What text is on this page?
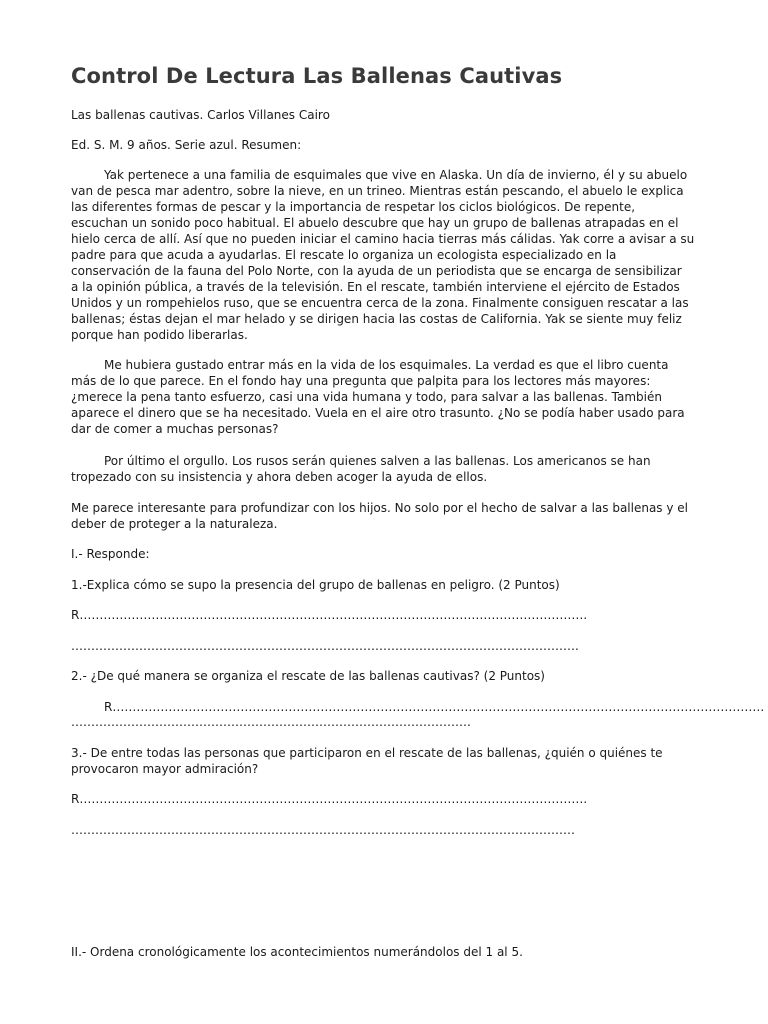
Control De Lectura Las Ballenas Cautivas

Las ballenas cautivas. Carlos Villanes Cairo

Ed. S. M. 9 años. Serie azul. Resumen:

Yak pertenece a una familia de esquimales que vive en Alaska. Un día de invierno, él y su abuelo
van de pesca mar adentro, sobre la nieve, en un trineo. Mientras están pescando, el abuelo le explica
las diferentes formas de pescar y la importancia de respetar los ciclos biológicos. De repente,
escuchan un sonido poco habitual. El abuelo descubre que hay un grupo de ballenas atrapadas en el
hielo cerca de allí. Así que no pueden iniciar el camino hacia tierras más cálidas. Yak corre a avisar a su
padre para que acuda a ayudarlas. El rescate lo organiza un ecologista especializado en la
conservación de la fauna del Polo Norte, con la ayuda de un periodista que se encarga de sensibilizar
a la opinión pública, a través de la televisión. En el rescate, también interviene el ejército de Estados
Unidos y un rompehielos ruso, que se encuentra cerca de la zona. Finalmente consiguen rescatar a las
ballenas; éstas dejan el mar helado y se dirigen hacia las costas de California. Yak se siente muy feliz
porque han podido liberarlas.
Me hubiera gustado entrar más en la vida de los esquimales. La verdad es que el libro cuenta
más de lo que parece. En el fondo hay una pregunta que palpita para los lectores más mayores:
¿merece la pena tanto esfuerzo, casi una vida humana y todo, para salvar a las ballenas. También
aparece el dinero que se ha necesitado. Vuela en el aire otro trasunto. ¿No se podía haber usado para
dar de comer a muchas personas?
Por último el orgullo. Los rusos serán quienes salven a las ballenas. Los americanos se han
tropezado con su insistencia y ahora deben acoger la ayuda de ellos.
Me parece interesante para profundizar con los hijos. No solo por el hecho de salvar a las ballenas y el
deber de proteger a la naturaleza.

I.- Responde:

1.-Explica cómo se supo la presencia del grupo de ballenas en peligro. (2 Puntos)

R……………………………………………………………………………………………………………….

……………………………………………………………………………………………………………….

2.- ¿De qué manera se organiza el rescate de las ballenas cautivas? (2 Puntos)

R……………………………………………………………………………………………………………………………………………….

……………………………………………………………………………………….

3.- De entre todas las personas que participaron en el rescate de las ballenas, ¿quién o quiénes te

provocaron mayor admiración?

R……………………………………………………………………………………………………………….

………………………………………………………………………………………………………………

II.- Ordena cronológicamente los acontecimientos numerándolos del 1 al 5.
